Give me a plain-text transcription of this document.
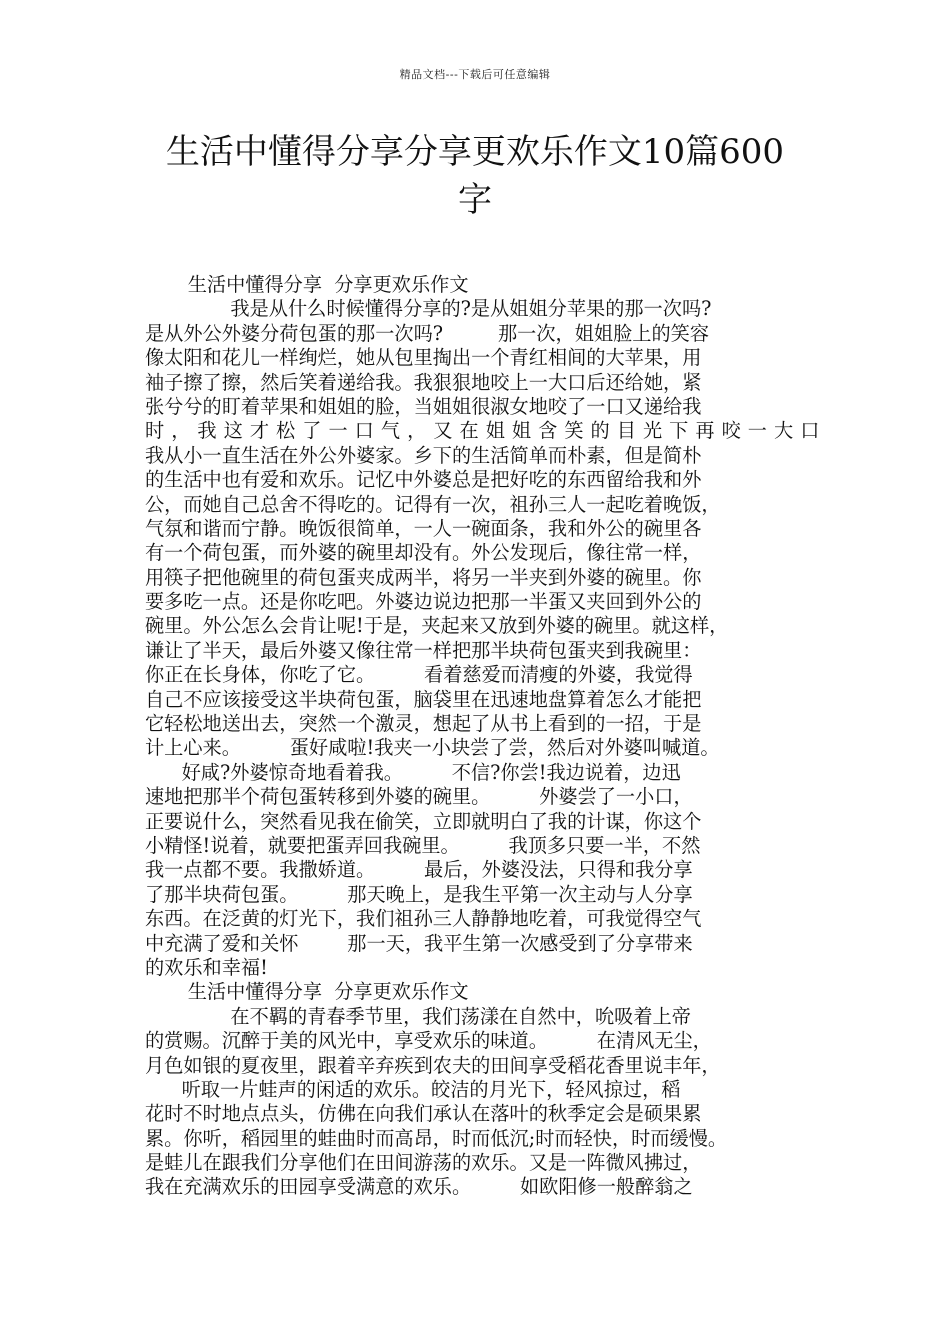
精品文档---下载后可任意编辑
生活中懂得分享分享更欢乐作文10篇600
字
生活中懂得分享  分享更欢乐作文
我是从什么时候懂得分享的?是从姐姐分苹果的那一次吗?
是从外公外婆分荷包蛋的那一次吗?         那一次，姐姐脸上的笑容
像太阳和花儿一样绚烂，她从包里掏出一个青红相间的大苹果，用
袖子擦了擦，然后笑着递给我。我狠狠地咬上一大口后还给她，紧
张兮兮的盯着苹果和姐姐的脸，当姐姐很淑女地咬了一口又递给我
时，我这才松了一口气，又在姐姐含笑的目光下再咬一大口
我从小一直生活在外公外婆家。乡下的生活简单而朴素，但是简朴
的生活中也有爱和欢乐。记忆中外婆总是把好吃的东西留给我和外
公，而她自己总舍不得吃的。记得有一次，祖孙三人一起吃着晚饭，
气氛和谐而宁静。晚饭很简单，一人一碗面条，我和外公的碗里各
有一个荷包蛋，而外婆的碗里却没有。外公发现后，像往常一样，
用筷子把他碗里的荷包蛋夹成两半，将另一半夹到外婆的碗里。你
要多吃一点。还是你吃吧。外婆边说边把那一半蛋又夹回到外公的
碗里。外公怎么会肯让呢!于是，夹起来又放到外婆的碗里。就这样，
谦让了半天，最后外婆又像往常一样把那半块荷包蛋夹到我碗里：
你正在长身体，你吃了它。        看着慈爱而清瘦的外婆，我觉得
自己不应该接受这半块荷包蛋，脑袋里在迅速地盘算着怎么才能把
它轻松地送出去，突然一个激灵，想起了从书上看到的一招，于是
计上心来。        蛋好咸啦!我夹一小块尝了尝，然后对外婆叫喊道。
好咸?外婆惊奇地看着我。        不信?你尝!我边说着，边迅
速地把那半个荷包蛋转移到外婆的碗里。        外婆尝了一小口，
正要说什么，突然看见我在偷笑，立即就明白了我的计谋，你这个
小精怪!说着，就要把蛋弄回我碗里。        我顶多只要一半，不然
我一点都不要。我撒娇道。        最后，外婆没法，只得和我分享
了那半块荷包蛋。        那天晚上，是我生平第一次主动与人分享
东西。在泛黄的灯光下，我们祖孙三人静静地吃着，可我觉得空气
中充满了爱和关怀        那一天，我平生第一次感受到了分享带来
的欢乐和幸福!
生活中懂得分享  分享更欢乐作文
在不羁的青春季节里，我们荡漾在自然中，吮吸着上帝
的赏赐。沉醉于美的风光中，享受欢乐的味道。        在清风无尘，
月色如银的夏夜里，跟着辛弃疾到农夫的田间享受稻花香里说丰年，
听取一片蛙声的闲适的欢乐。皎洁的月光下，轻风掠过，稻
花时不时地点点头，仿佛在向我们承认在落叶的秋季定会是硕果累
累。你听，稻园里的蛙曲时而高昂，时而低沉;时而轻快，时而缓慢。
是蛙儿在跟我们分享他们在田间游荡的欢乐。又是一阵微风拂过，
我在充满欢乐的田园享受满意的欢乐。        如欧阳修一般醉翁之
